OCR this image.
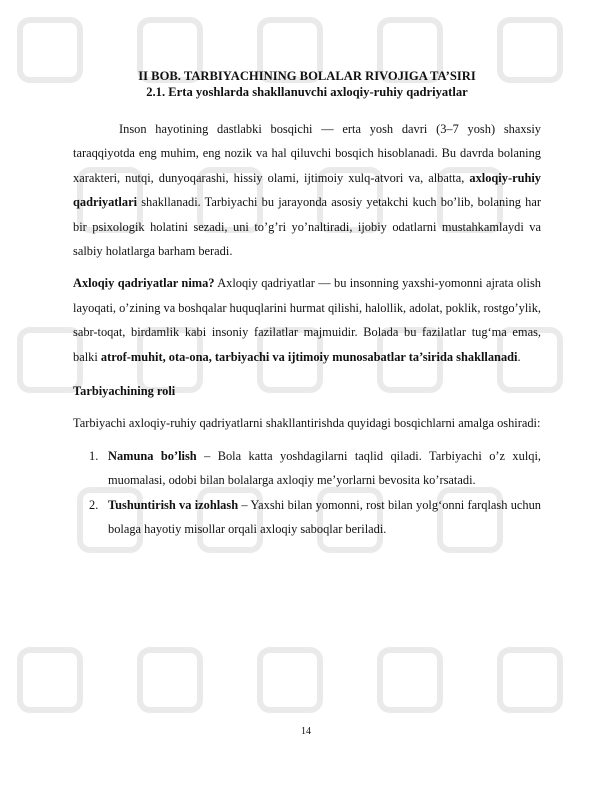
II BOB. TARBIYACHINING BOLALAR RIVOJIGA TA’SIRI
2.1. Erta yoshlarda shakllanuvchi axloqiy-ruhiy qadriyatlar

Inson hayotining dastlabki bosqichi — erta yosh davri (3–7 yosh) shaxsiy taraqqiyotda eng muhim, eng nozik va hal qiluvchi bosqich hisoblanadi. Bu davrda bolaning xarakteri, nutqi, dunyoqarashi, hissiy olami, ijtimoiy xulq-atvori va, albatta, axloqiy-ruhiy qadriyatlari shakllanadi. Tarbiyachi bu jarayonda asosiy yetakchi kuch bo’lib, bolaning har bir psixologik holatini sezadi, uni to’g’ri yo’naltiradi, ijobiy odatlarni mustahkamlaydi va salbiy holatlarga barham beradi.

Axloqiy qadriyatlar nima? Axloqiy qadriyatlar — bu insonning yaxshi-yomonni ajrata olish layoqati, o’zining va boshqalar huquqlarini hurmat qilishi, halollik, adolat, poklik, rostgo’ylik, sabr-toqat, birdamlik kabi insoniy fazilatlar majmuidir. Bolada bu fazilatlar tug‘ma emas, balki atrof-muhit, ota-ona, tarbiyachi va ijtimoiy munosabatlar ta’sirida shakllanadi.

Tarbiyachining roli

Tarbiyachi axloqiy-ruhiy qadriyatlarni shakllantirishda quyidagi bosqichlarni amalga oshiradi:

1. Namuna bo’lish – Bola katta yoshdagilarni taqlid qiladi. Tarbiyachi o’z xulqi, muomalasi, odobi bilan bolalarga axloqiy me’yorlarni bevosita ko’rsatadi.
2. Tushuntirish va izohlash – Yaxshi bilan yomonni, rost bilan yolg‘onni farqlash uchun bolaga hayotiy misollar orqali axloqiy saboqlar beriladi.
14
